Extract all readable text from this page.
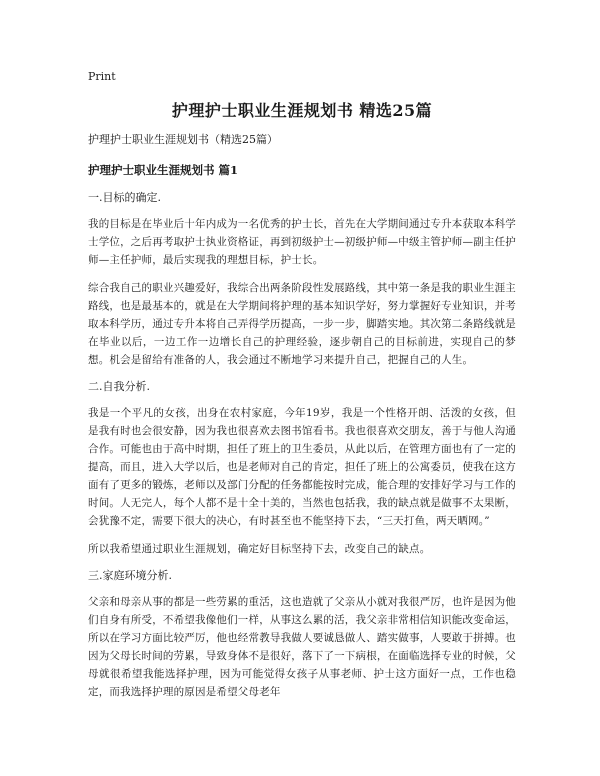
Print
护理护士职业生涯规划书 精选25篇
护理护士职业生涯规划书（精选25篇）
护理护士职业生涯规划书 篇1
一.目标的确定.
我的目标是在毕业后十年内成为一名优秀的护士长，首先在大学期间通过专升本获取本科学士学位，之后再考取护士执业资格证，再到初级护士—初级护师—中级主管护师—副主任护师—主任护师，最后实现我的理想目标，护士长。
综合我自己的职业兴趣爱好，我综合出两条阶段性发展路线，其中第一条是我的职业生涯主路线，也是最基本的，就是在大学期间将护理的基本知识学好，努力掌握好专业知识，并考取本科学历，通过专升本将自己弄得学历提高，一步一步，脚踏实地。其次第二条路线就是在毕业以后，一边工作一边增长自己的护理经验，逐步朝自己的目标前进，实现自己的梦想。机会是留给有准备的人，我会通过不断地学习来提升自己，把握自己的人生。
二.自我分析.
我是一个平凡的女孩，出身在农村家庭，今年19岁，我是一个性格开朗、活泼的女孩，但是我有时也会很安静，因为我也很喜欢去图书馆看书。我也很喜欢交朋友，善于与他人沟通合作。可能也由于高中时期，担任了班上的卫生委员，从此以后，在管理方面也有了一定的提高，而且，进入大学以后，也是老师对自己的肯定，担任了班上的公寓委员，使我在这方面有了更多的锻炼，老师以及部门分配的任务都能按时完成，能合理的安排好学习与工作的时间。人无完人，每个人都不是十全十美的，当然也包括我，我的缺点就是做事不太果断，会犹豫不定，需要下很大的决心，有时甚至也不能坚持下去，“三天打鱼，两天晒网。”
所以我希望通过职业生涯规划，确定好目标坚持下去，改变自己的缺点。
三.家庭环境分析.
父亲和母亲从事的都是一些劳累的重活，这也造就了父亲从小就对我很严厉，也许是因为他们自身有所受，不希望我像他们一样，从事这么累的活，我父亲非常相信知识能改变命运，所以在学习方面比较严厉，他也经常教导我做人要诚恳做人、踏实做事，人要敢于拼搏。也因为父母长时间的劳累，导致身体不是很好，落下了一下病根，在面临选择专业的时候，父母就很希望我能选择护理，因为可能觉得女孩子从事老师、护士这方面好一点，工作也稳定，而我选择护理的原因是希望父母老年
